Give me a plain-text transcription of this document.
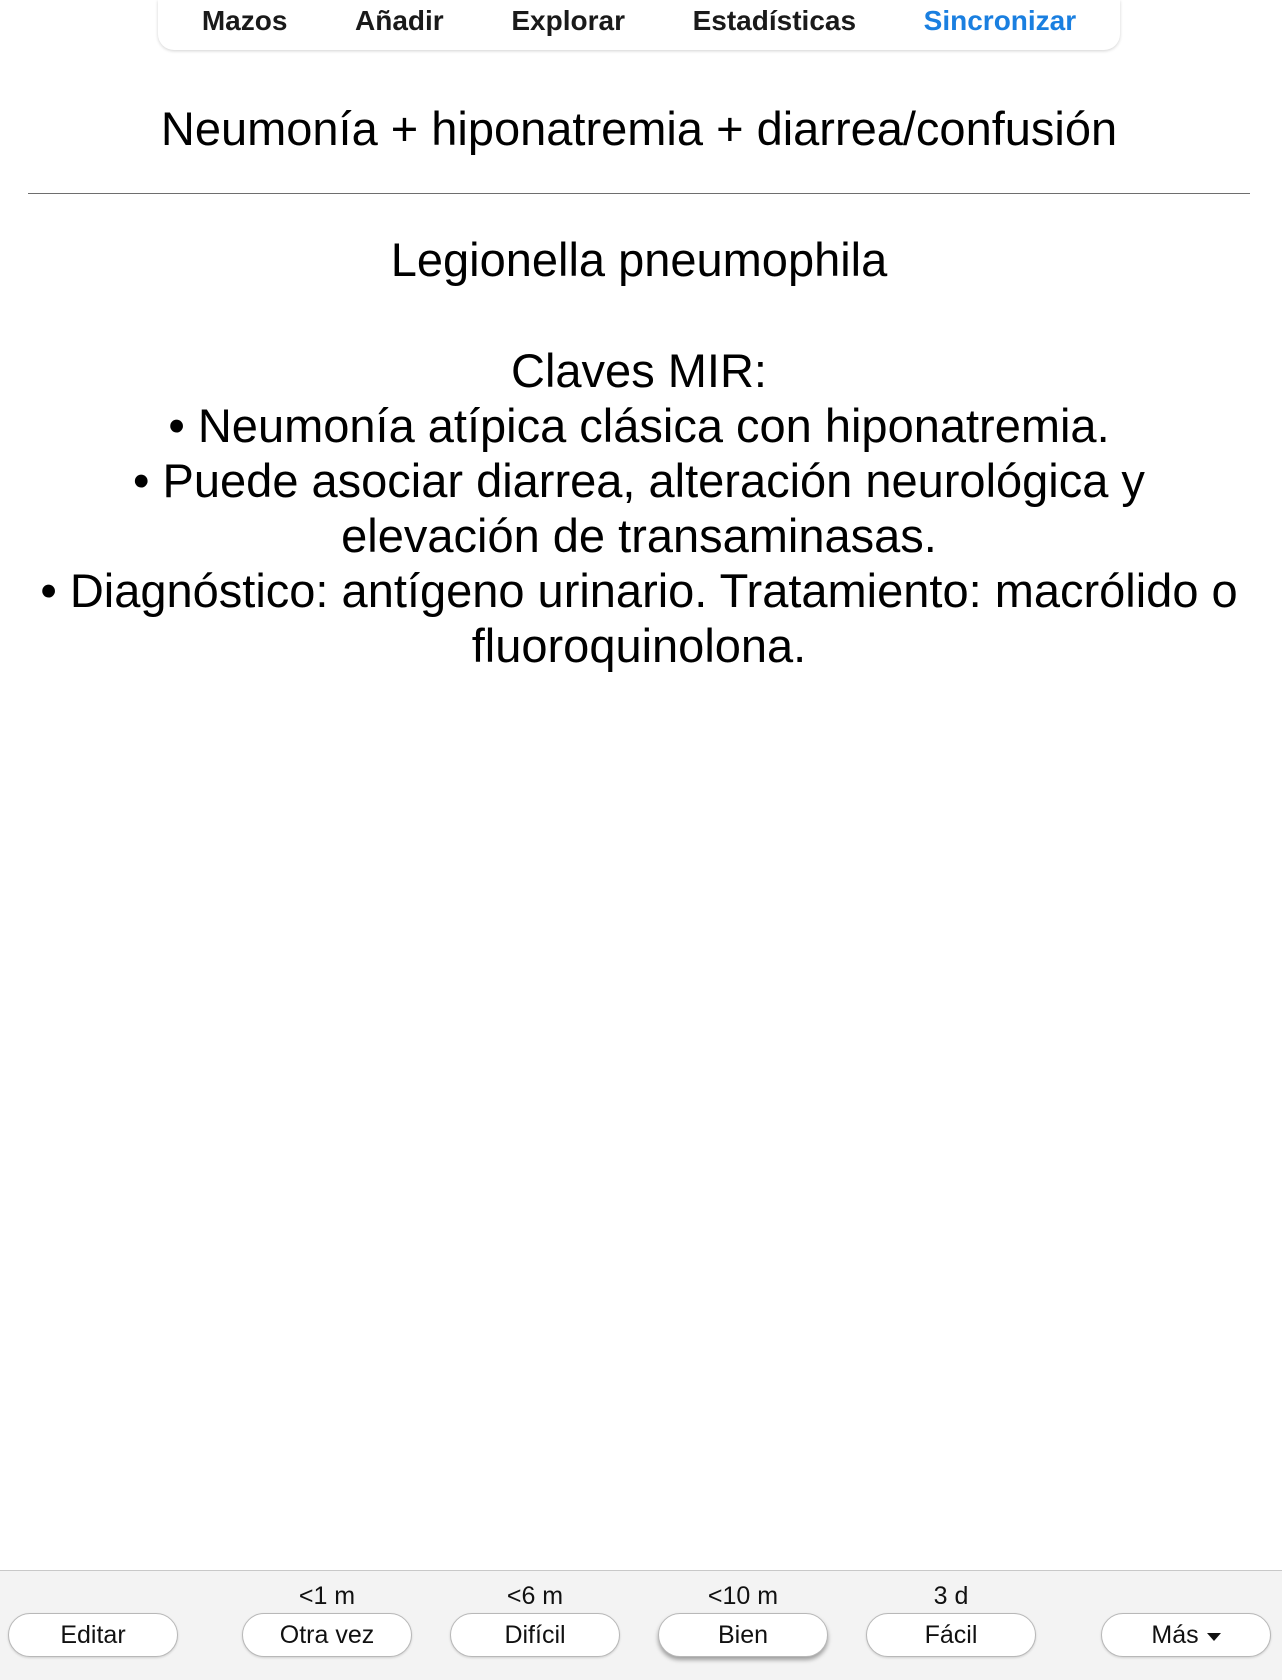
Mazos Añadir Explorar Estadísticas Sincronizar
Neumonía + hiponatremia + diarrea/confusión
Legionella pneumophila
Claves MIR:
• Neumonía atípica clásica con hiponatremia.
• Puede asociar diarrea, alteración neurológica y elevación de transaminasas.
• Diagnóstico: antígeno urinario. Tratamiento: macrólido o fluoroquinolona.
Editar
<1 m
Otra vez
<6 m
Difícil
<10 m
Bien
3 d
Fácil	Más
